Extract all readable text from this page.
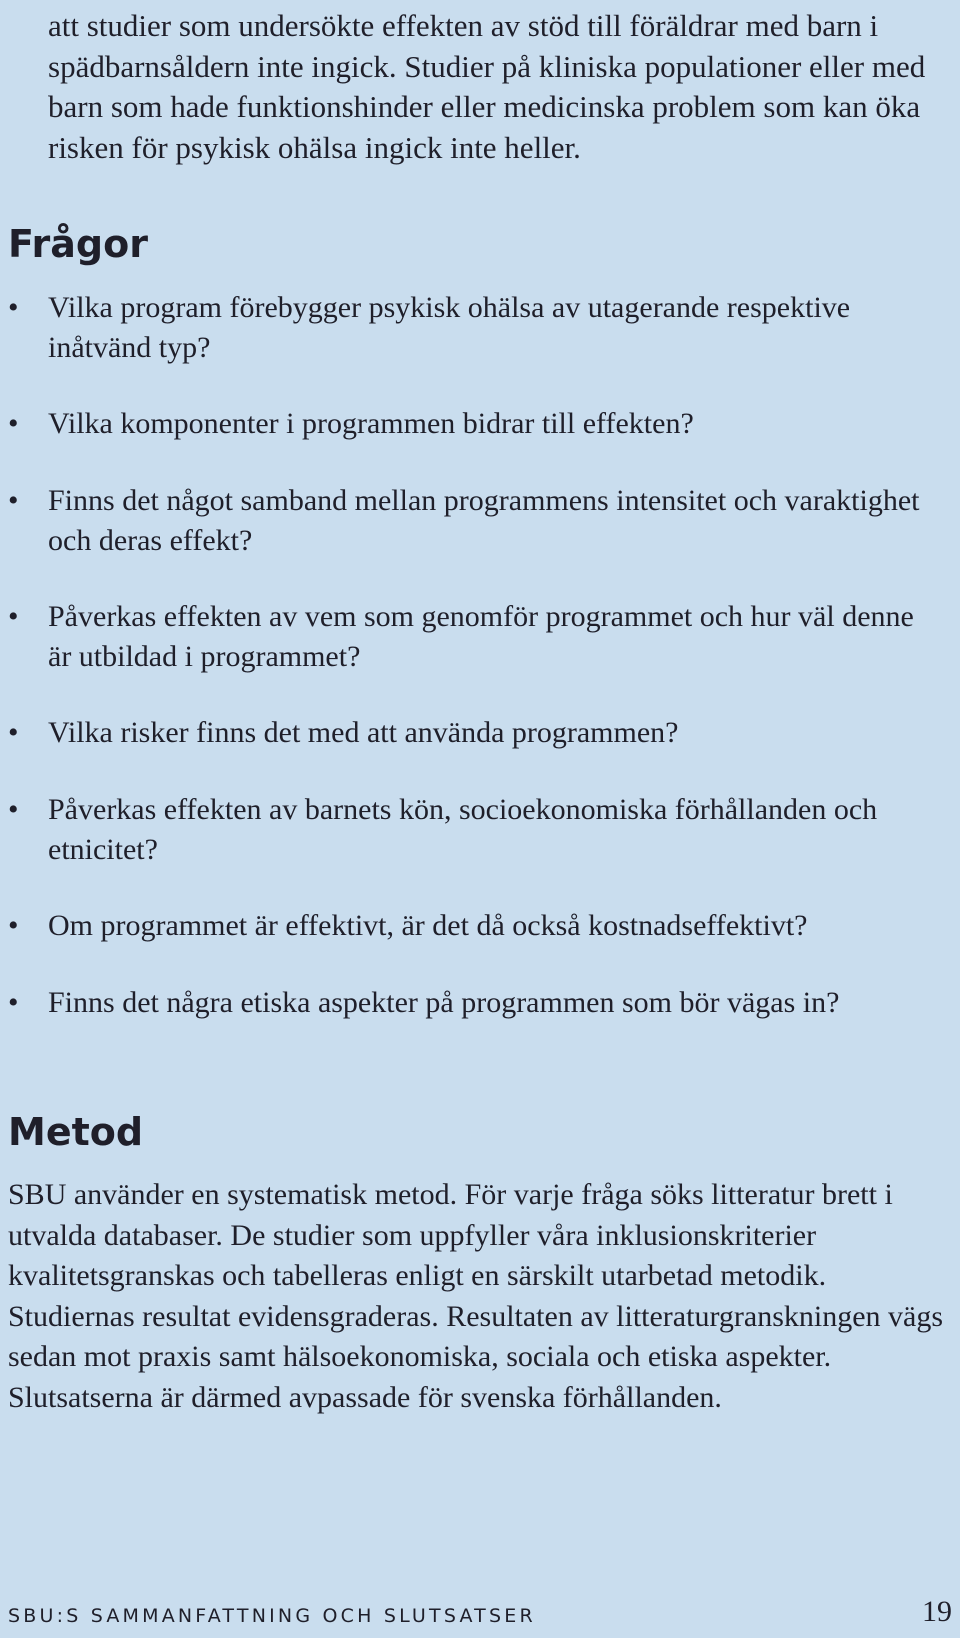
att studier som undersökte effekten av stöd till föräldrar med barn i spädbarnsåldern inte ingick. Studier på kliniska populationer eller med barn som hade funktionshinder eller medicinska problem som kan öka risken för psykisk ohälsa ingick inte heller.

Frågor
• Vilka program förebygger psykisk ohälsa av utagerande respektive inåtvänd typ?
• Vilka komponenter i programmen bidrar till effekten?
• Finns det något samband mellan programmens intensitet och varaktighet och deras effekt?
• Påverkas effekten av vem som genomför programmet och hur väl denne är utbildad i programmet?
• Vilka risker finns det med att använda programmen?
• Påverkas effekten av barnets kön, socioekonomiska förhållanden och etnicitet?
• Om programmet är effektivt, är det då också kostnadseffektivt?
• Finns det några etiska aspekter på programmen som bör vägas in?
Metod

SBU använder en systematisk metod. För varje fråga söks litteratur brett i utvalda databaser. De studier som uppfyller våra inklusionskriterier kvalitetsgranskas och tabelleras enligt en särskilt utarbetad metodik. Studiernas resultat evidensgraderas. Resultaten av litteraturgranskningen vägs sedan mot praxis samt hälsoekonomiska, sociala och etiska aspekter. Slutsatserna är därmed avpassade för svenska förhållanden.

SBU:S SAMMANFATTNING OCH SLUTSATSER	19
